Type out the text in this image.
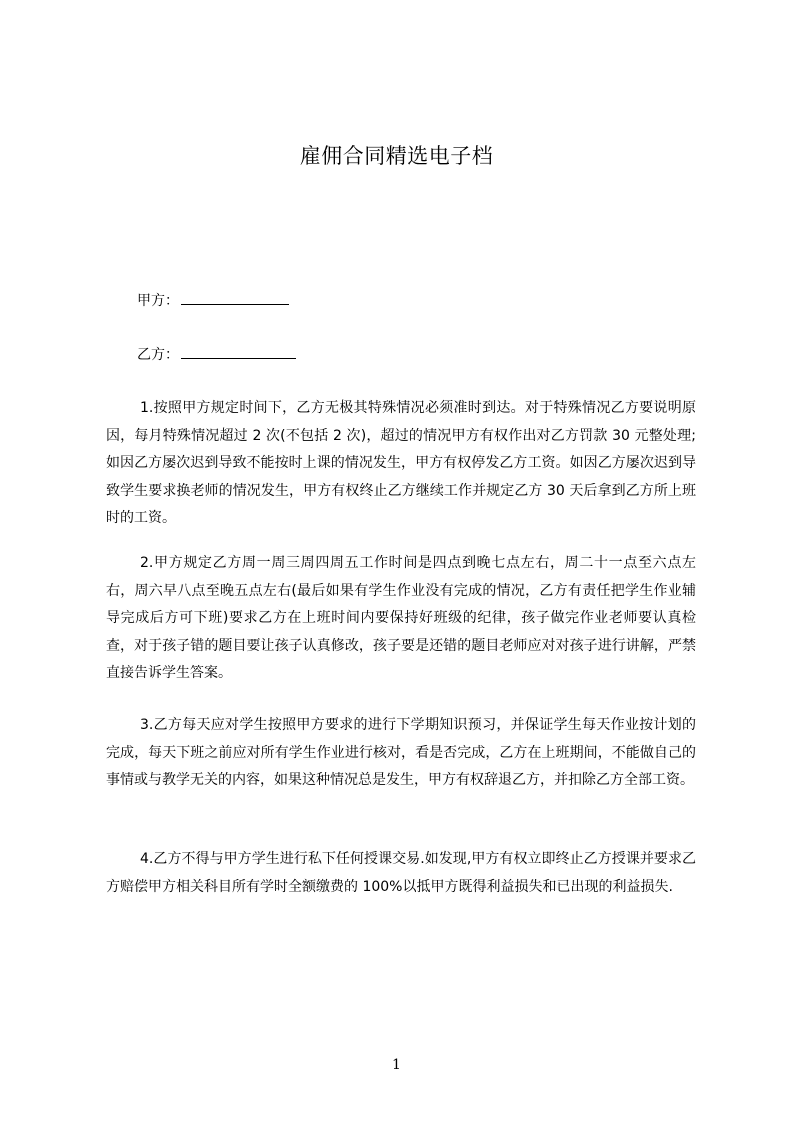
雇佣合同精选电子档
甲方：
乙方：

1.按照甲方规定时间下，乙方无极其特殊情况必须准时到达。对于特殊情况乙方要说明原因，每月特殊情况超过 2 次(不包括 2 次)，超过的情况甲方有权作出对乙方罚款 30 元整处理;如因乙方屡次迟到导致不能按时上课的情况发生，甲方有权停发乙方工资。如因乙方屡次迟到导致学生要求换老师的情况发生，甲方有权终止乙方继续工作并规定乙方 30 天后拿到乙方所上班时的工资。

2.甲方规定乙方周一周三周四周五工作时间是四点到晚七点左右，周二十一点至六点左右，周六早八点至晚五点左右(最后如果有学生作业没有完成的情况，乙方有责任把学生作业辅导完成后方可下班)要求乙方在上班时间内要保持好班级的纪律，孩子做完作业老师要认真检查，对于孩子错的题目要让孩子认真修改，孩子要是还错的题目老师应对对孩子进行讲解，严禁直接告诉学生答案。

3.乙方每天应对学生按照甲方要求的进行下学期知识预习，并保证学生每天作业按计划的完成，每天下班之前应对所有学生作业进行核对，看是否完成，乙方在上班期间，不能做自己的事情或与教学无关的内容，如果这种情况总是发生，甲方有权辞退乙方，并扣除乙方全部工资。

4.乙方不得与甲方学生进行私下任何授课交易.如发现,甲方有权立即终止乙方授课并要求乙方赔偿甲方相关科目所有学时全额缴费的 100%以抵甲方既得利益损失和已出现的利益损失.

1
